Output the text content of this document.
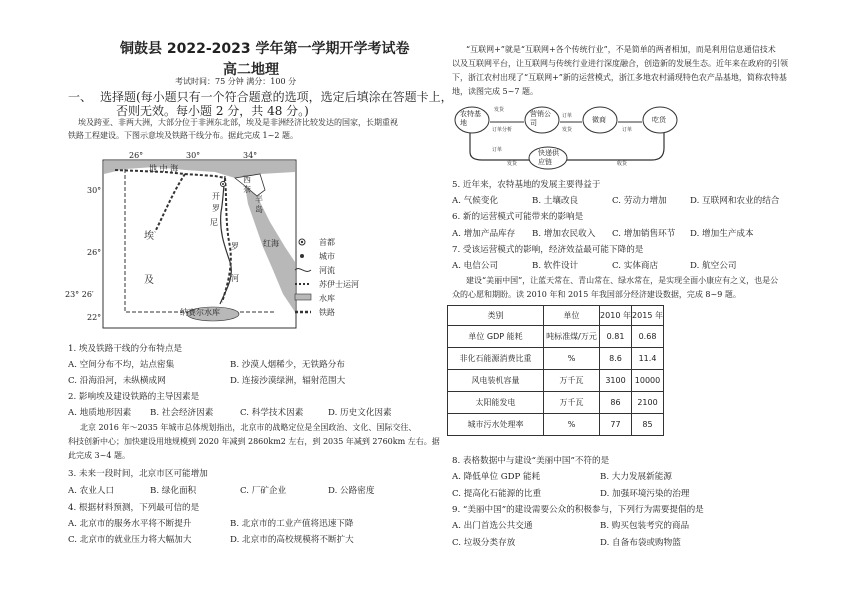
铜鼓县 2022-2023 学年第一学期开学考试卷
高二地理
考试时间：75 分钟 满分：100 分
一、 选择题(每小题只有一个符合题意的选项，选定后填涂在答题卡上，
否则无效。每小题 2 分，共 48 分。)
埃及跨亚、非两大洲，大部分位于非洲东北部，埃及是非洲经济比较发达的国家，长期重视
铁路工程建设。下图示意埃及铁路干线分布。据此完成 1~2 题。
26°	30°	34°
30°
26°
23° 26′
22°
地 中 海
西
奈
半
岛
开
罗
尼
埃
及
罗
河
红海
纳赛尔水库
首都
城市
河流
苏伊士运河
水库
铁路
1. 埃及铁路干线的分布特点是
A. 空间分布不均，站点密集	B. 沙漠人烟稀少，无铁路分布
C. 沿海沿河，未纵横成网	D. 连接沙漠绿洲，辐射范围大
2. 影响埃及建设铁路的主导因素是
A. 地质地形因素 B. 社会经济因素	C. 科学技术因素	D. 历史文化因素
北京 2016 年～2035 年城市总体规划指出，北京市的战略定位是全国政治、文化、国际交往、
科技创新中心；加快建设用地规模到 2020 年减到 2860km2 左右，到 2035 年减到 2760km 左右。据
此完成 3~4 题。
3. 未来一段时间，北京市区可能增加
A. 农业人口	B. 绿化面积	C. 厂矿企业	D. 公路密度
4. 根据材料预测，下列最可信的是
A. 北京市的服务水平将不断提升	B. 北京市的工业产值将迅速下降
C. 北京市的就业压力将大幅加大	D. 北京市的高校规模将不断扩大
“互联网+”就是“互联网+各个传统行业”，不是简单的两者相加，而是利用信息通信技术
以及互联网平台，让互联网与传统行业进行深度融合，创造新的发展生态。近年来在政府的引领
下，浙江农村出现了“互联网+”新的运营模式，浙江多地农村涌现特色农产品基地，简称农特基
地，读图完成 5~7 题。
农特基地
营销公司	微商	吃货
快递供应链
发货
订单分析
订单
发货	订单
订单
发货	收货
5. 近年来，农特基地的发展主要得益于
A. 气候变化	B. 土壤改良	C. 劳动力增加	D. 互联网和农业的结合
6. 新的运营模式可能带来的影响是
A. 增加产品库存 B. 增加农民收入 C. 增加销售环节 D. 增加生产成本
7. 受该运营模式的影响，经济效益最可能下降的是
A. 电信公司	B. 软件设计	C. 实体商店	D. 航空公司
建设“美丽中国”，让蓝天常在、青山常在、绿水常在，是实现全面小康应有之义，也是公
众的心愿和期盼。读 2010 年和 2015 年我国部分经济建设数据，完成 8~9 题。
类别	单位	2010 年	2015 年
单位 GDP 能耗	吨标准煤/万元	0.81	0.68
非化石能源消费比重	%	8.6	11.4
风电装机容量	万千瓦	3100	10000
太阳能发电	万千瓦	86	2100
城市污水处理率	%	77	85
8. 表格数据中与建设“美丽中国”不符的是
A. 降低单位 GDP 能耗	B. 大力发展新能源
C. 提高化石能源的比重	D. 加强环境污染的治理
9. “美丽中国”的建设需要公众的积极参与，下列行为需要提倡的是
A. 出门首选公共交通	B. 购买包装考究的商品
C. 垃圾分类存放	D. 自备布袋或购物篮
